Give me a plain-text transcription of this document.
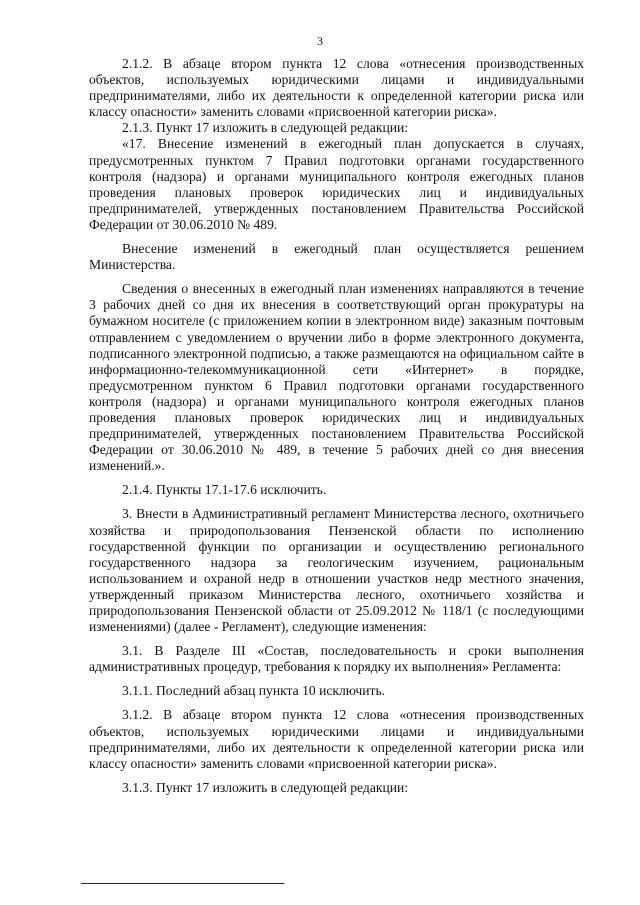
3

2.1.2. В абзаце втором пункта 12 слова «отнесения производственных объектов, используемых юридическими лицами и индивидуальными предпринимателями, либо их деятельности к определенной категории риска или классу опасности» заменить словами «присвоенной категории риска».

2.1.3. Пункт 17 изложить в следующей редакции:

«17. Внесение изменений в ежегодный план допускается в случаях, предусмотренных пунктом 7 Правил подготовки органами государственного контроля (надзора) и органами муниципального контроля ежегодных планов проведения плановых проверок юридических лиц и индивидуальных предпринимателей, утвержденных постановлением Правительства Российской Федерации от 30.06.2010 № 489.

Внесение изменений в ежегодный план осуществляется решением Министерства.

Сведения о внесенных в ежегодный план изменениях направляются в течение 3 рабочих дней со дня их внесения в соответствующий орган прокуратуры на бумажном носителе (с приложением копии в электронном виде) заказным почтовым отправлением с уведомлением о вручении либо в форме электронного документа, подписанного электронной подписью, а также размещаются на официальном сайте в информационно-телекоммуникационной сети «Интернет» в порядке, предусмотренном пунктом 6 Правил подготовки органами государственного контроля (надзора) и органами муниципального контроля ежегодных планов проведения плановых проверок юридических лиц и индивидуальных предпринимателей, утвержденных постановлением Правительства Российской Федерации от 30.06.2010 № 489, в течение 5 рабочих дней со дня внесения изменений.».

2.1.4. Пункты 17.1-17.6 исключить.

3. Внести в Административный регламент Министерства лесного, охотничьего хозяйства и природопользования Пензенской области по исполнению государственной функции по организации и осуществлению регионального государственного надзора за геологическим изучением, рациональным использованием и охраной недр в отношении участков недр местного значения, утвержденный приказом Министерства лесного, охотничьего хозяйства и природопользования Пензенской области от 25.09.2012 № 118/1 (с последующими изменениями) (далее - Регламент), следующие изменения:

3.1. В Разделе III «Состав, последовательность и сроки выполнения административных процедур, требования к порядку их выполнения» Регламента:

3.1.1. Последний абзац пункта 10 исключить.

3.1.2. В абзаце втором пункта 12 слова «отнесения производственных объектов, используемых юридическими лицами и индивидуальными предпринимателями, либо их деятельности к определенной категории риска или классу опасности» заменить словами «присвоенной категории риска».

3.1.3. Пункт 17 изложить в следующей редакции:
